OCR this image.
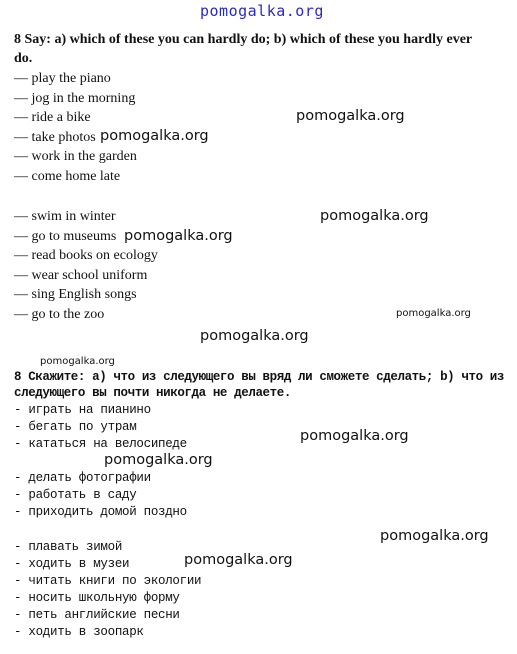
pomogalka.org
8 Say: a) which of these you can hardly do; b) which of these you hardly ever
do.
— play the piano
— jog in the morning
— ride a bike
— take photos
— work in the garden
— come home late
— swim in winter
— go to museums
— read books on ecology
— wear school uniform
— sing English songs
— go to the zoo
pomogalka.org
pomogalka.org
pomogalka.org
pomogalka.org
pomogalka.org
pomogalka.org
pomogalka.org
8 Скажите: а) что из следующего вы вряд ли сможете сделать; b) что из
следующего вы почти никогда не делаете.
- играть на пианино
- бегать по утрам
- кататься на велосипеде
- делать фотографии
- работать в саду
- приходить домой поздно
- плавать зимой
- ходить в музеи
- читать книги по экологии
- носить школьную форму
- петь английские песни
- ходить в зоопарк
pomogalka.org
pomogalka.org
pomogalka.org
pomogalka.org
